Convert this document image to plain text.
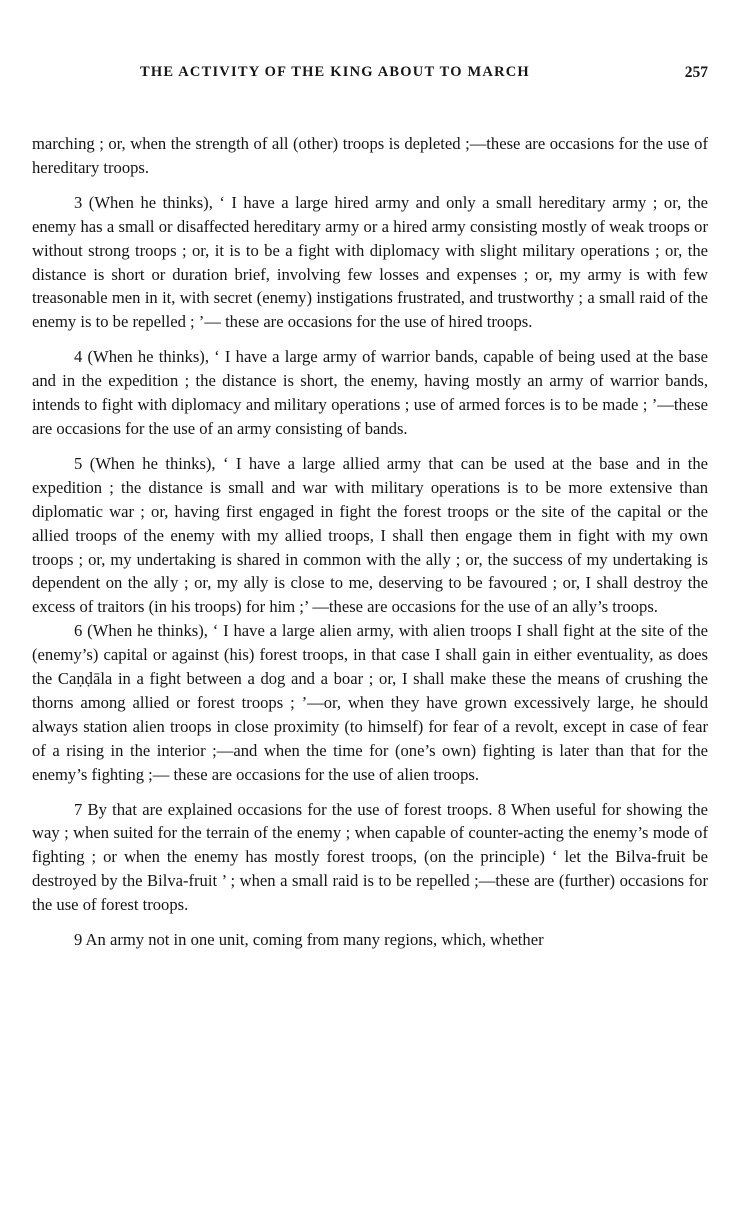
THE ACTIVITY OF THE KING ABOUT TO MARCH	257

marching ; or, when the strength of all (other) troops is depleted ;—these are occasions for the use of hereditary troops.

3 (When he thinks), ‘ I have a large hired army and only a small hereditary army ; or, the enemy has a small or disaffected hereditary army or a hired army consisting mostly of weak troops or without strong troops ; or, it is to be a fight with diplomacy with slight military operations ; or, the distance is short or duration brief, involving few losses and expenses ; or, my army is with few treasonable men in it, with secret (enemy) instigations frustrated, and trustworthy ; a small raid of the enemy is to be repelled ; ’— these are occasions for the use of hired troops.

4 (When he thinks), ‘ I have a large army of warrior bands, capable of being used at the base and in the expedition ; the distance is short, the enemy, having mostly an army of warrior bands, intends to fight with diplomacy and military operations ; use of armed forces is to be made ; ’—these are occasions for the use of an army consisting of bands.

5 (When he thinks), ‘ I have a large allied army that can be used at the base and in the expedition ; the distance is small and war with military operations is to be more extensive than diplomatic war ; or, having first engaged in fight the forest troops or the site of the capital or the allied troops of the enemy with my allied troops, I shall then engage them in fight with my own troops ; or, my undertaking is shared in common with the ally ; or, the success of my undertaking is dependent on the ally ; or, my ally is close to me, deserving to be favoured ; or, I shall destroy the excess of traitors (in his troops) for him ;’ —these are occasions for the use of an ally’s troops.

6 (When he thinks), ‘ I have a large alien army, with alien troops I shall fight at the site of the (enemy’s) capital or against (his) forest troops, in that case I shall gain in either eventuality, as does the Caṇḍāla in a fight between a dog and a boar ; or, I shall make these the means of crushing the thorns among allied or forest troops ; ’—or, when they have grown excessively large, he should always station alien troops in close proximity (to himself) for fear of a revolt, except in case of fear of a rising in the interior ;—and when the time for (one’s own) fighting is later than that for the enemy’s fighting ;— these are occasions for the use of alien troops.

7 By that are explained occasions for the use of forest troops. 8 When useful for showing the way ; when suited for the terrain of the enemy ; when capable of counter-acting the enemy’s mode of fighting ; or when the enemy has mostly forest troops, (on the principle) ‘ let the Bilva-fruit be destroyed by the Bilva-fruit ’ ; when a small raid is to be repelled ;—these are (further) occasions for the use of forest troops.

9 An army not in one unit, coming from many regions, which, whether
